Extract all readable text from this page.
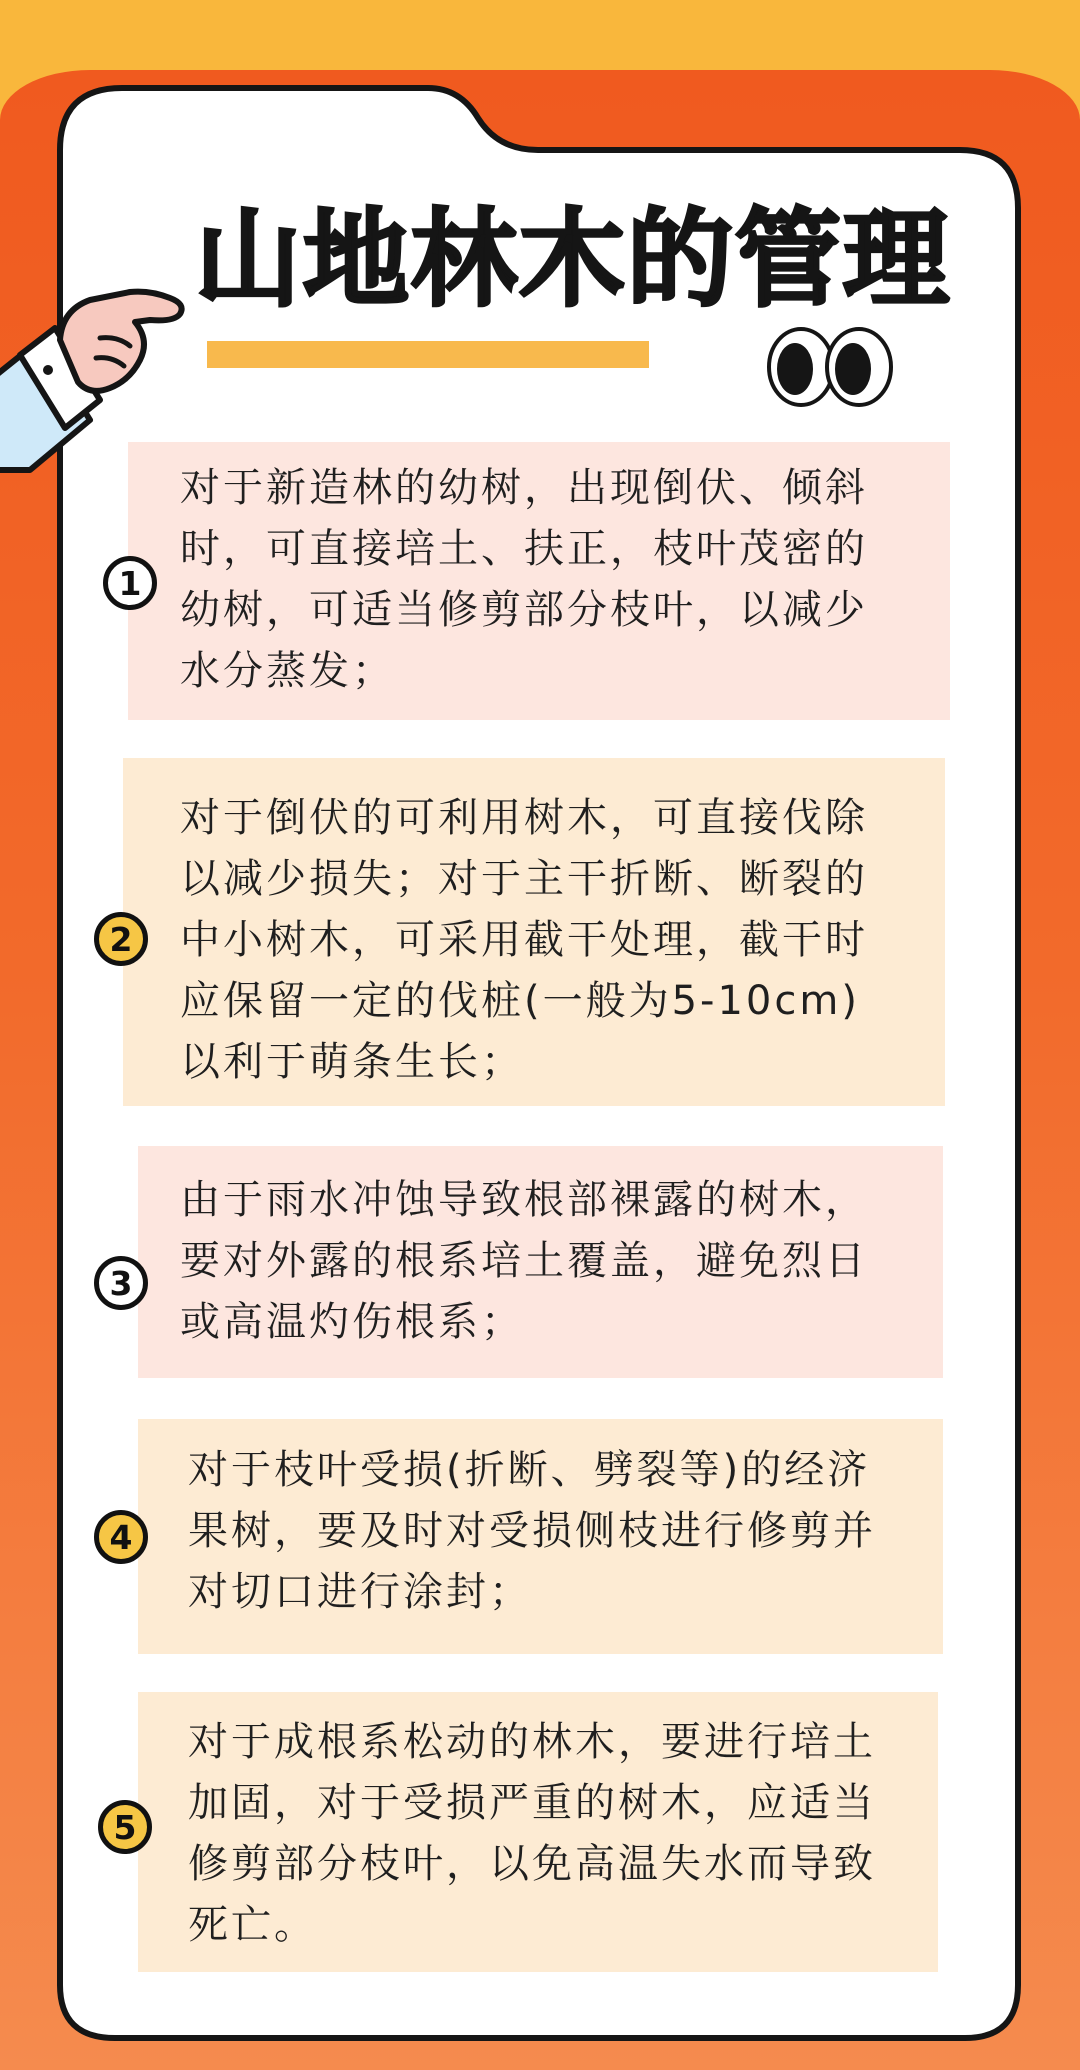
山地林木的管理
1
对于新造林的幼树，出现倒伏、倾斜
时，可直接培土、扶正，枝叶茂密的
幼树，可适当修剪部分枝叶，以减少
水分蒸发；
2
对于倒伏的可利用树木，可直接伐除
以减少损失；对于主干折断、断裂的
中小树木，可采用截干处理，截干时
应保留一定的伐桩(一般为5-10cm)
以利于萌条生长；
3
由于雨水冲蚀导致根部裸露的树木，
要对外露的根系培土覆盖，避免烈日
或高温灼伤根系；
4
对于枝叶受损(折断、劈裂等)的经济
果树，要及时对受损侧枝进行修剪并
对切口进行涂封；
5
对于成根系松动的林木，要进行培土
加固，对于受损严重的树木，应适当
修剪部分枝叶，以免高温失水而导致
死亡。
